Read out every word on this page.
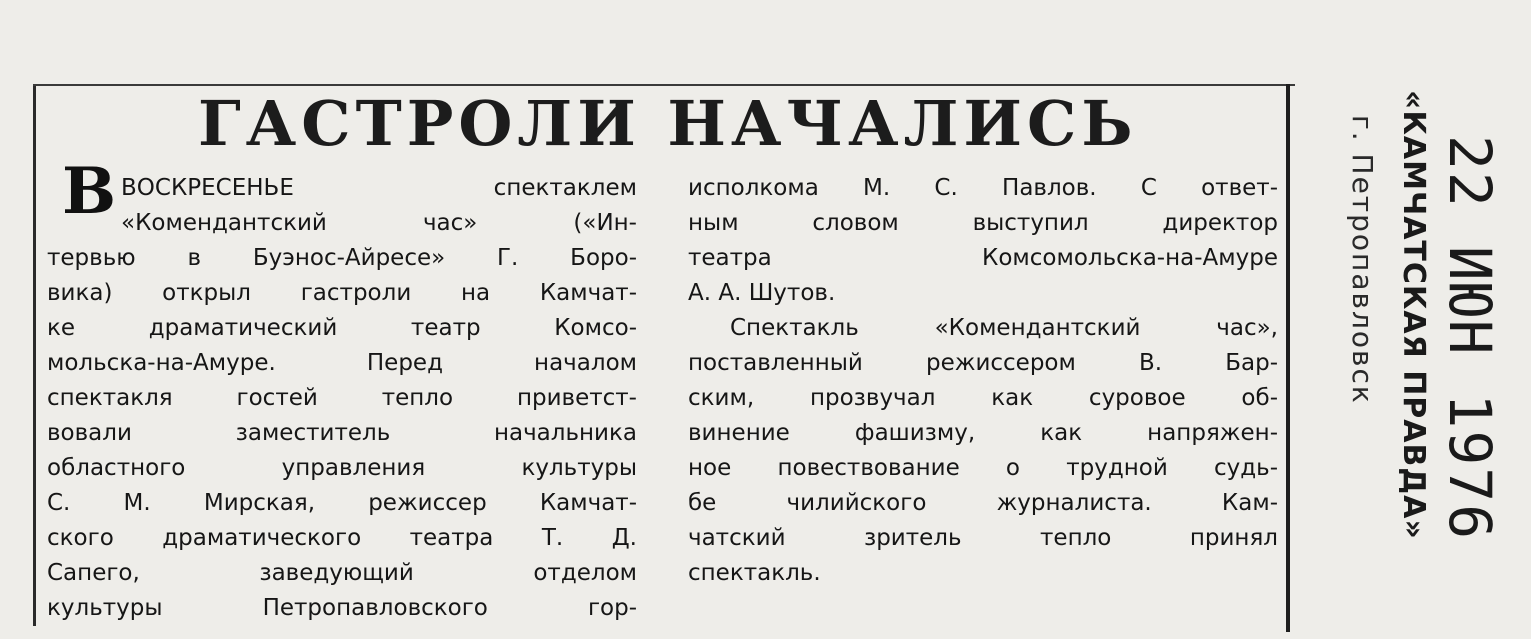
ГАСТРОЛИ НАЧАЛИСЬ
В ВОСКРЕСЕНЬЕ спектаклем
«Комендантский час» («Ин-
тервью в Буэнос-Айресе» Г. Боро-
вика) открыл гастроли на Камчат-
ке драматический театр Комсо-
мольска-на-Амуре. Перед началом
спектакля гостей тепло приветст-
вовали заместитель начальника
областного управления культуры
С. М. Мирская, режиссер Камчат-
ского драматического театра Т. Д.
Сапего, заведующий отделом
культуры Петропавловского гор-
исполкома М. С. Павлов. С ответ-
ным словом выступил директор
театра Комсомольска-на-Амуре
А. А. Шутов.
Спектакль «Комендантский час»,
поставленный режиссером В. Бар-
ским, прозвучал как суровое об-
винение фашизму, как напряжен-
ное повествование о трудной судь-
бе чилийского журналиста. Кам-
чатский зритель тепло принял
спектакль.
22 ИЮН 1976
«КАМЧАТСКАЯ ПРАВДА»
г. Петропавловск
